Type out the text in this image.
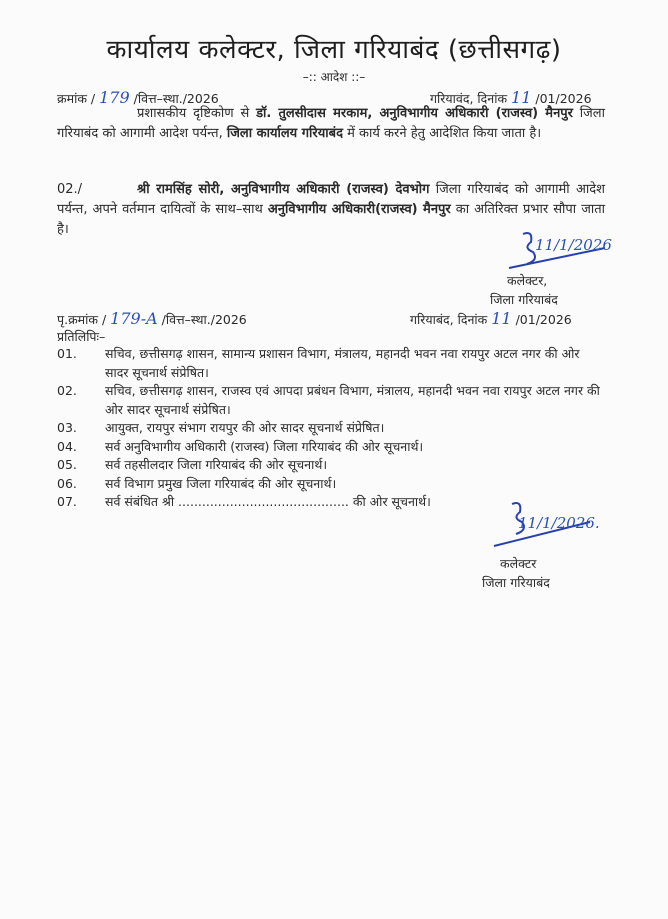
कार्यालय कलेक्टर, जिला गरियाबंद (छत्तीसगढ़)
–:: आदेश ::–
क्रमांक / 179 /वित्त–स्था./2026	गरियावंद, दिनांक 11 /01/2026
प्रशासकीय दृष्टिकोण से डॉ. तुलसीदास मरकाम, अनुविभागीय अधिकारी (राजस्व) मैनपुर जिला गरियाबंद को आगामी आदेश पर्यन्त, जिला कार्यालय गरियाबंद में कार्य करने हेतु आदेशित किया जाता है।
02./	श्री रामसिंह सोरी, अनुविभागीय अधिकारी (राजस्व) देवभोग जिला गरियाबंद को आगामी आदेश पर्यन्त, अपने वर्तमान दायित्वों के साथ–साथ अनुविभागीय अधिकारी(राजस्व) मैनपुर का अतिरिक्त प्रभार सौपा जाता है।
11/1/2026
कलेक्टर,
जिला गरियाबंद
पृ.क्रमांक / 179-A /वित्त–स्था./2026	गरियाबंद, दिनांक 11 /01/2026
प्रतिलिपिः–
01.	सचिव, छत्तीसगढ़ शासन, सामान्य प्रशासन विभाग, मंत्रालय, महानदी भवन नवा रायपुर अटल नगर की ओर सादर सूचनार्थ संप्रेषित।
02.	सचिव, छत्तीसगढ़ शासन, राजस्व एवं आपदा प्रबंधन विभाग, मंत्रालय, महानदी भवन नवा रायपुर अटल नगर की ओर सादर सूचनार्थ संप्रेषित।
03.	आयुक्त, रायपुर संभाग रायपुर की ओर सादर सूचनार्थ संप्रेषित।
04.	सर्व अनुविभागीय अधिकारी (राजस्व) जिला गरियाबंद की ओर सूचनार्थ।
05.	सर्व तहसीलदार जिला गरियाबंद की ओर सूचनार्थ।
06.	सर्व विभाग प्रमुख जिला गरियाबंद की ओर सूचनार्थ।
07.	सर्व संबंधित श्री ........................................... की ओर सूचनार्थ।
11/1/2026.
कलेक्टर
जिला गरियाबंद
